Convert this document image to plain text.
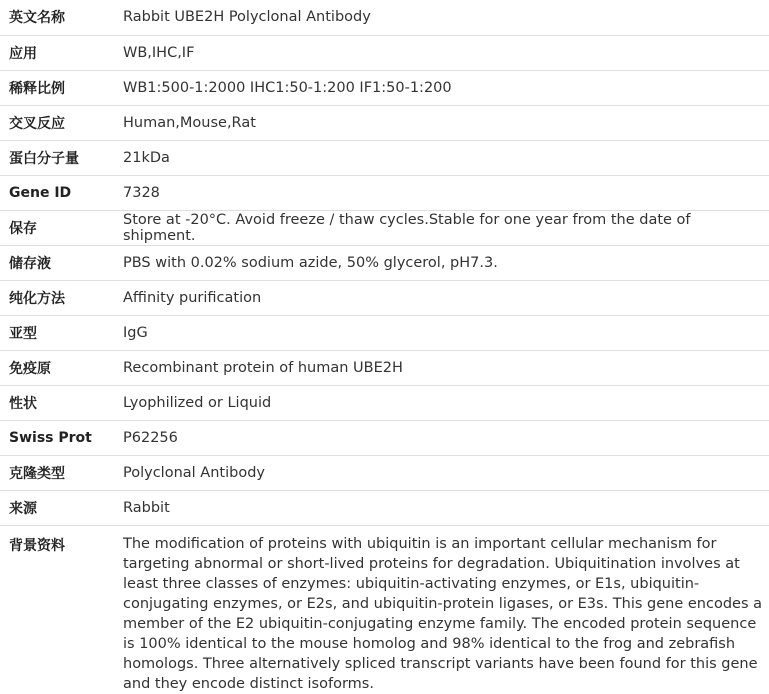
英文名称	Rabbit UBE2H Polyclonal Antibody
应用	WB,IHC,IF
稀释比例	WB1:500-1:2000 IHC1:50-1:200 IF1:50-1:200
交叉反应	Human,Mouse,Rat
蛋白分子量	21kDa
Gene ID	7328
保存	Store at -20°C. Avoid freeze / thaw cycles.Stable for one year from the date of shipment.
储存液	PBS with 0.02% sodium azide, 50% glycerol, pH7.3.
纯化方法	Affinity purification
亚型	IgG
免疫原	Recombinant protein of human UBE2H
性状	Lyophilized or Liquid
Swiss Prot	P62256
克隆类型	Polyclonal Antibody
来源	Rabbit
背景资料	The modification of proteins with ubiquitin is an important cellular mechanism for targeting abnormal or short-lived proteins for degradation. Ubiquitination involves at least three classes of enzymes: ubiquitin-activating enzymes, or E1s, ubiquitin-conjugating enzymes, or E2s, and ubiquitin-protein ligases, or E3s. This gene encodes a member of the E2 ubiquitin-conjugating enzyme family. The encoded protein sequence is 100% identical to the mouse homolog and 98% identical to the frog and zebrafish homologs. Three alternatively spliced transcript variants have been found for this gene and they encode distinct isoforms.
